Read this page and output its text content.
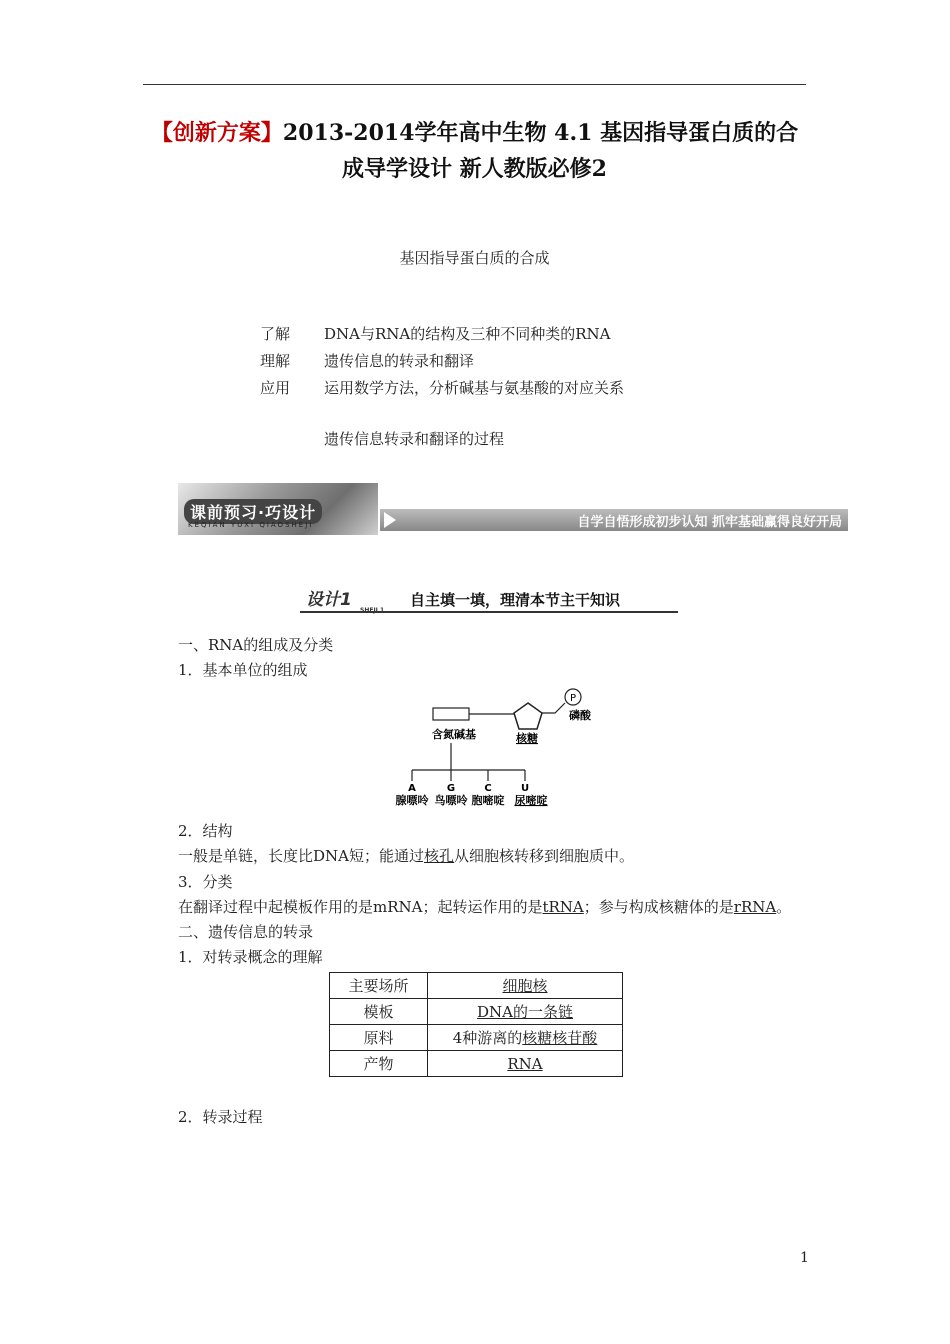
【创新方案】2013-2014学年高中生物 4.1 基因指导蛋白质的合
成导学设计 新人教版必修2
基因指导蛋白质的合成
了解 DNA与RNA的结构及三种不同种类的RNA
理解 遗传信息的转录和翻译
应用 运用数学方法，分析碱基与氨基酸的对应关系
遗传信息转录和翻译的过程
课前预习·巧设计
KEQIAN YUXI QIAOSHEJI	自学自悟形成初步认知 抓牢基础赢得良好开局
设计1
SHEJI 1
自主填一填，理清本节主干知识
一、RNA的组成及分类
1．基本单位的组成
P
磷酸
含氮碱基	核糖
A	G	C	U
腺嘌呤 鸟嘌呤 胞嘧啶 尿嘧啶
2．结构
一般是单链，长度比DNA短；能通过核孔从细胞核转移到细胞质中。
3．分类
在翻译过程中起模板作用的是mRNA；起转运作用的是tRNA；参与构成核糖体的是rRNA。
二、遗传信息的转录
1．对转录概念的理解
主要场所	细胞核
模板	DNA的一条链
原料	4种游离的核糖核苷酸
产物	RNA
2．转录过程
1
